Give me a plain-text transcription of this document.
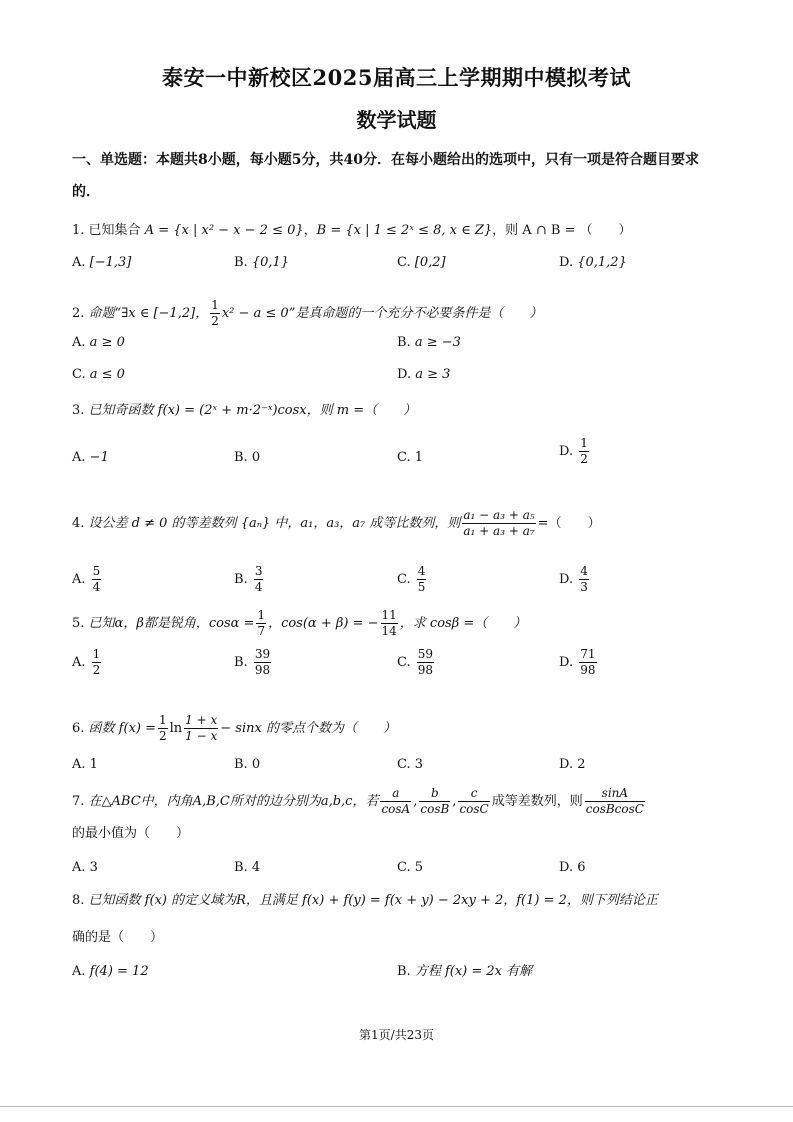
泰安一中新校区2025届高三上学期期中模拟考试
数学试题
一、单选题：本题共8小题，每小题5分，共40分．在每小题给出的选项中，只有一项是符合题目要求的．
1. 已知集合 A = {x | x² − x − 2 ≤ 0}，B = {x | 1 ≤ 2ˣ ≤ 8, x ∈ Z}，则 A ∩ B = （　　）
A. [−1,3]	B. {0,1}	C. [0,2]	D. {0,1,2}
2. 命题“∃x ∈ [−1,2]， $\frac{1}{2} x^2 - a \le 0$”是真命题的一个充分不必要条件是（　　）
A. a ≥ 0	B. a ≥ −3
C. a ≤ 0	D. a ≥ 3
3. 已知奇函数 f(x) = (2ˣ + m·2⁻ˣ)cosx，则 m =（　　）
A. −1	B. 0	C. 1	D. $\frac{1}{2}$
4. 设公差 d ≠ 0 的等差数列 {aₙ} 中，a₁，a₃，a₇ 成等比数列，则 $\frac{\text{a₁ − a₃ + a₅}}{\text{a₁ + a₃ + a₇}}$ =（　　）
A. $\frac{5}{4}$	B. $\frac{3}{4}$	C. $\frac{4}{5}$	D. $\frac{4}{3}$
5. 已知α，β都是锐角，$\cos\alpha = \frac{1}{7}$ ，cos(α + β) = − $\frac{11}{14}$ ，求 cosβ =（　　）
A. $\frac{1}{2}$	B. $\frac{39}{98}$	C. $\frac{59}{98}$	D. $\frac{71}{98}$
6. 函数 $f(x) = \frac{1}{2}$ $\ln \frac{1 + x}{1 - x} - \sin x$ 的零点个数为（　　）
A. 1	B. 0	C. 3	D. 2
7. 在△ABC中，内角A,B,C所对的边分别为a,b,c，若 $\frac{a}{\cos A}$ , $\frac{b}{\cos B}$ , $\frac{c}{\cos C}$ 成等差数列，则 $\frac{\sin A}{\text{cosBcosC}}$
的最小值为（　　）
A. 3	B. 4	C. 5	D. 6
8. 已知函数 f(x) 的定义域为R，且满足 f(x) + f(y) = f(x + y) − 2xy + 2，f(1) = 2，则下列结论正
确的是（　　）
A. f(4) = 12	B. 方程 f(x) = 2x 有解
第1页/共23页
